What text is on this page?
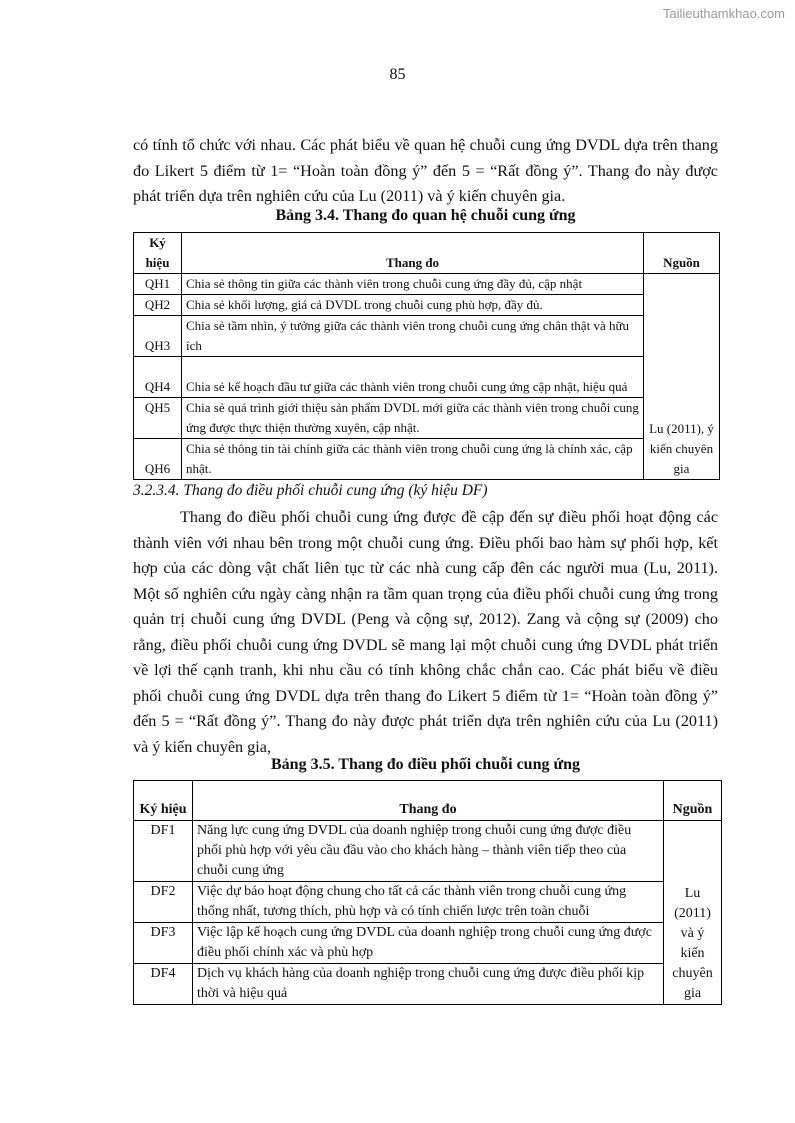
Tailieuthamkhao.com
85

có tính tổ chức với nhau. Các phát biểu về quan hệ chuỗi cung ứng DVDL dựa trên thang đo Likert 5 điểm từ 1= “Hoàn toàn đồng ý” đến 5 = “Rất đồng ý”. Thang đo này được phát triển dựa trên nghiên cứu của Lu (2011) và ý kiến chuyên gia.

Bảng 3.4. Thang đo quan hệ chuỗi cung ứng

Ký hiệu	Thang đo	Nguồn
QH1	Chia sẻ thông tin giữa các thành viên trong chuỗi cung ứng đầy đủ, cập nhật	Lu (2011), ý kiến chuyên gia
QH2	Chia sẻ khối lượng, giá cả DVDL trong chuỗi cung phù hợp, đầy đủ.	
QH3	Chia sẻ tầm nhìn, ý tưởng giữa các thành viên trong chuỗi cung ứng chân thật và hữu ích	
QH4	Chia sẻ kế hoạch đầu tư giữa các thành viên trong chuỗi cung ứng cập nhật, hiệu quả	
QH5	Chia sẻ quá trình giới thiệu sản phẩm DVDL mới giữa các thành viên trong chuỗi cung ứng được thực thiện thường xuyên, cập nhật.	
QH6	Chia sẻ thông tin tài chính giữa các thành viên trong chuỗi cung ứng là chính xác, cập nhật.	

3.2.3.4. Thang đo điều phối chuỗi cung ứng (ký hiệu DF)

Thang đo điều phối chuỗi cung ứng được đề cập đến sự điều phối hoạt động các thành viên với nhau bên trong một chuỗi cung ứng. Điều phối bao hàm sự phối hợp, kết hợp của các dòng vật chất liên tục từ các nhà cung cấp đên các người mua (Lu, 2011). Một số nghiên cứu ngày càng nhận ra tầm quan trọng của điều phối chuỗi cung ứng trong quản trị chuỗi cung ứng DVDL (Peng và cộng sự, 2012). Zang và cộng sự (2009) cho rằng, điều phối chuỗi cung ứng DVDL sẽ mang lại một chuỗi cung ứng DVDL phát triển về lợi thế cạnh tranh, khi nhu cầu có tính không chắc chắn cao. Các phát biểu về điều phối chuỗi cung ứng DVDL dựa trên thang đo Likert 5 điểm từ 1= “Hoàn toàn đồng ý” đến 5 = “Rất đồng ý”. Thang đo này được phát triển dựa trên nghiên cứu của Lu (2011) và ý kiến chuyên gia,

Bảng 3.5. Thang đo điều phối chuỗi cung ứng

Ký hiệu	Thang đo	Nguồn
DF1	Năng lực cung ứng DVDL của doanh nghiệp trong chuỗi cung ứng được điều phối phù hợp với yêu cầu đầu vào cho khách hàng – thành viên tiếp theo của chuỗi cung ứng	Lu (2011) và ý kiến chuyên gia
DF2	Việc dự báo hoạt động chung cho tất cả các thành viên trong chuỗi cung ứng thống nhất, tương thích, phù hợp và có tính chiến lược trên toàn chuỗi	
DF3	Việc lập kế hoạch cung ứng DVDL của doanh nghiệp trong chuỗi cung ứng được điều phối chính xác và phù hợp	
DF4	Dịch vụ khách hàng của doanh nghiệp trong chuỗi cung ứng được điều phối kịp thời và hiệu quả	
